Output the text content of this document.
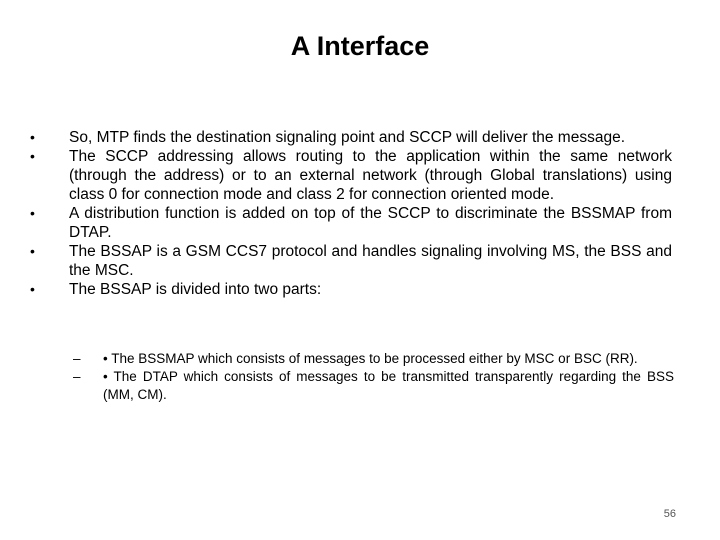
A Interface
•	So, MTP finds the destination signaling point and SCCP will deliver the message.
•	The SCCP addressing allows routing to the application within the same network (through the address) or to an external network (through Global translations) using class 0 for connection mode and class 2 for connection oriented mode.
•	A distribution function is added on top of the SCCP to discriminate the BSSMAP from DTAP.
•	The BSSAP is a GSM CCS7 protocol and handles signaling involving MS, the BSS and the MSC.
•	The BSSAP is divided into two parts:
– • The BSSMAP which consists of messages to be processed either by MSC or BSC (RR).
– • The DTAP which consists of messages to be transmitted transparently regarding the BSS (MM, CM).
56
